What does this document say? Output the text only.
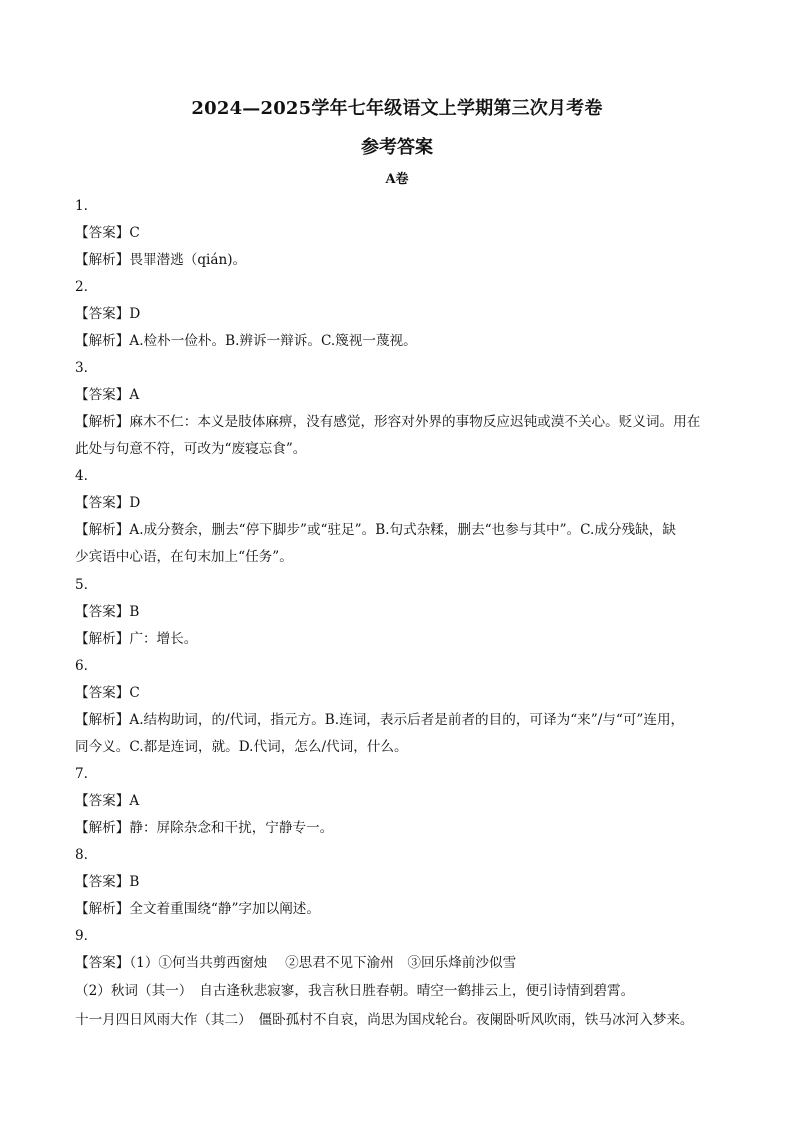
2024—2025学年七年级语文上学期第三次月考卷
参考答案
A卷
1.
【答案】C
【解析】畏罪潜逃（qián)。
2.
【答案】D
【解析】A.检朴一俭朴。B.辨诉一辩诉。C.篾视一蔑视。
3.
【答案】A
【解析】麻木不仁：本义是肢体麻痹，没有感觉，形容对外界的事物反应迟钝或漠不关心。贬义词。用在
此处与句意不符，可改为“废寝忘食”。
4.
【答案】D
【解析】A.成分赘余，删去“停下脚步”或“驻足”。B.句式杂糅，删去“也参与其中”。C.成分残缺，缺
少宾语中心语，在句末加上“任务”。
5.
【答案】B
【解析】广：增长。
6.
【答案】C
【解析】A.结构助词，的/代词，指元方。B.连词，表示后者是前者的目的，可译为“来”/与“可”连用，
同今义。C.都是连词，就。D.代词，怎么/代词，什么。
7.
【答案】A
【解析】静：屏除杂念和干扰，宁静专一。
8.
【答案】B
【解析】全文着重围绕“静”字加以阐述。
9.
【答案】（1）①何当共剪西窗烛　 ②思君不见下渝州　③回乐烽前沙似雪
（2）秋词（其一）　自古逢秋悲寂寥，我言秋日胜春朝。晴空一鹤排云上，便引诗情到碧霄。
十一月四日风雨大作（其二）　僵卧孤村不自哀，尚思为国戍轮台。夜阑卧听风吹雨，铁马冰河入梦来。
